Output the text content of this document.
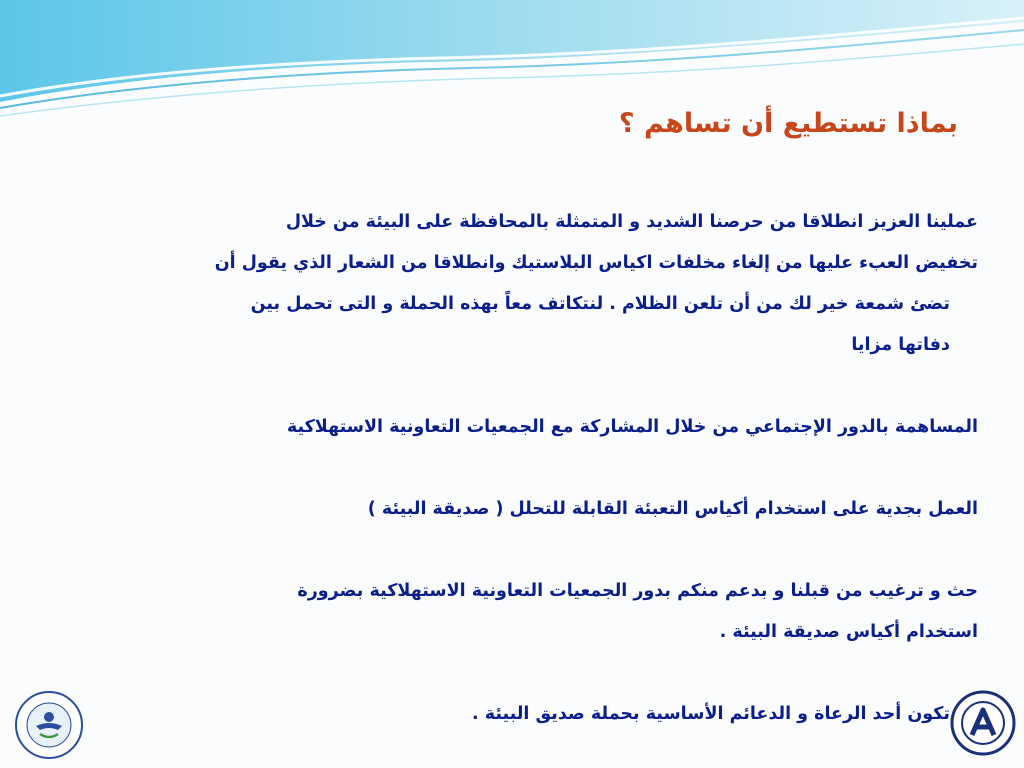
بماذا تستطيع أن تساهم ؟
عملينا العزيز انطلاقا من حرصنا الشديد و المتمثلة بالمحافظة على البيئة من خلال
تخفيض العبء عليها من إلغاء مخلفات اكياس البلاستيك وانطلاقا من الشعار الذي يقول أن
تضئ شمعة خير لك من أن تلعن الظلام . لنتكاتف معاً بهذه الحملة و التى تحمل بين
دفاتها مزايا
المساهمة بالدور الإجتماعي من خلال المشاركة مع الجمعيات التعاونية الاستهلاكية
العمل بجدية على استخدام أكياس التعبئة القابلة للتحلل ( صديقة البيئة )
حث و ترغيب من قبلنا و بدعم منكم بدور الجمعيات التعاونية الاستهلاكية بضرورة
استخدام أكياس صديقة البيئة .
تكون أحد الرعاة و الدعائم الأساسية بحملة صديق البيئة .
